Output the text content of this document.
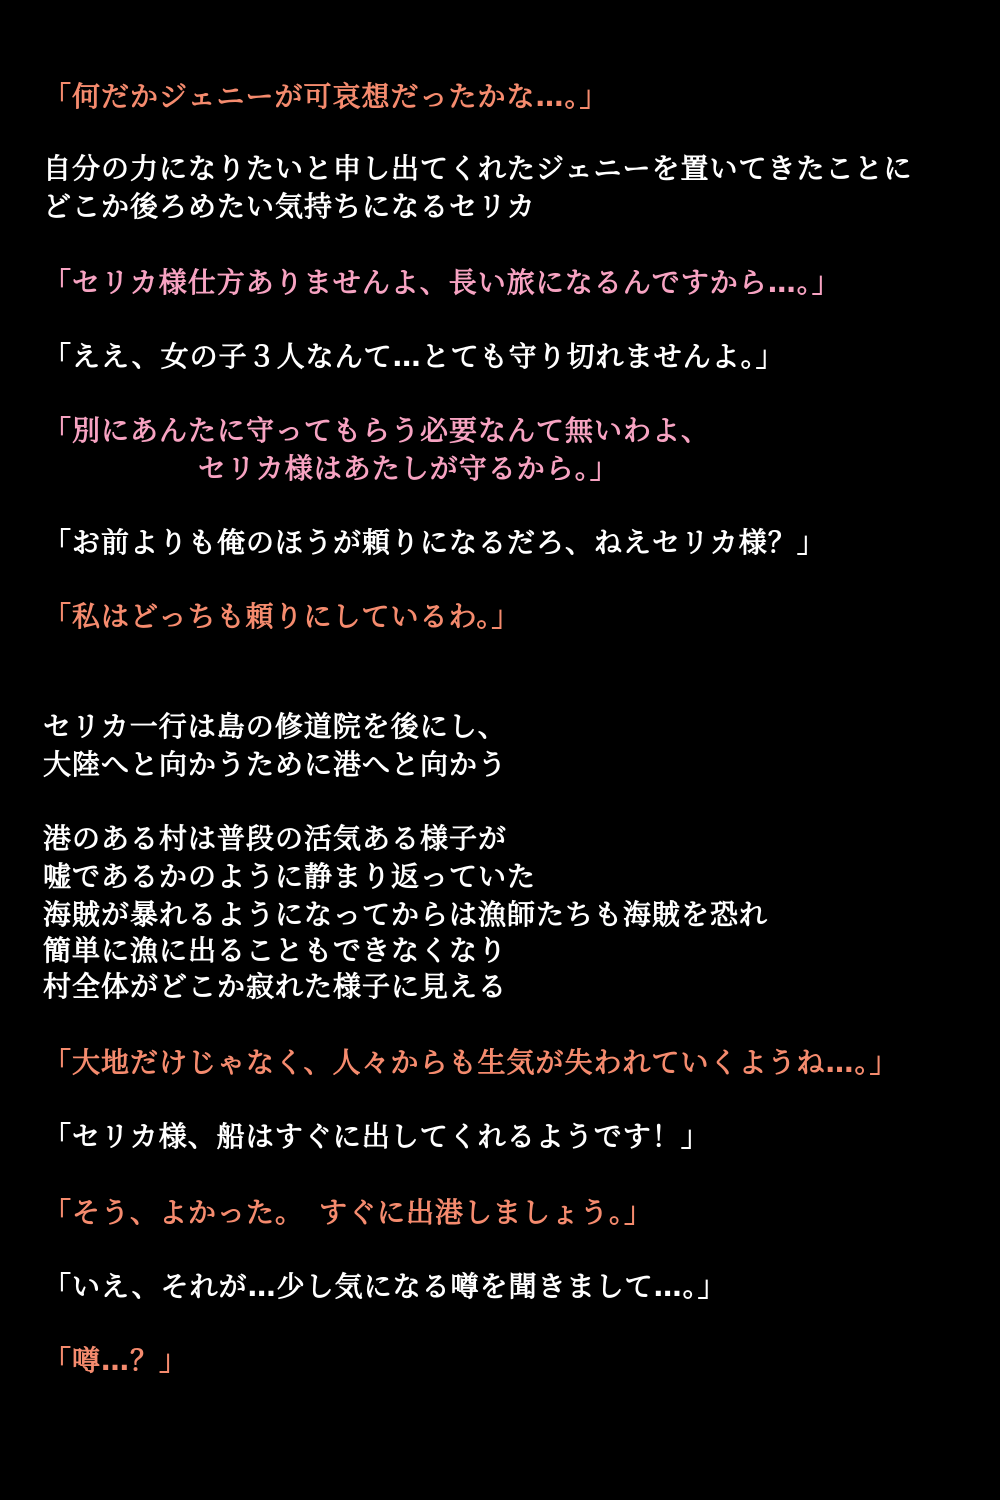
「何だかジェニーが可哀想だったかな…。」
自分の力になりたいと申し出てくれたジェニーを置いてきたことに
どこか後ろめたい気持ちになるセリカ
「セリカ様仕方ありませんよ、長い旅になるんですから…。」
「ええ、女の子３人なんて…とても守り切れませんよ。」
「別にあんたに守ってもらう必要なんて無いわよ、
セリカ様はあたしが守るから。」
「お前よりも俺のほうが頼りになるだろ、ねえセリカ様？」
「私はどっちも頼りにしているわ。」
セリカ一行は島の修道院を後にし、
大陸へと向かうために港へと向かう
港のある村は普段の活気ある様子が
嘘であるかのように静まり返っていた
海賊が暴れるようになってからは漁師たちも海賊を恐れ
簡単に漁に出ることもできなくなり
村全体がどこか寂れた様子に見える
「大地だけじゃなく、人々からも生気が失われていくようね…。」
「セリカ様、船はすぐに出してくれるようです！」
「そう、よかった。　すぐに出港しましょう。」
「いえ、それが…少し気になる噂を聞きまして…。」
「噂…？」
